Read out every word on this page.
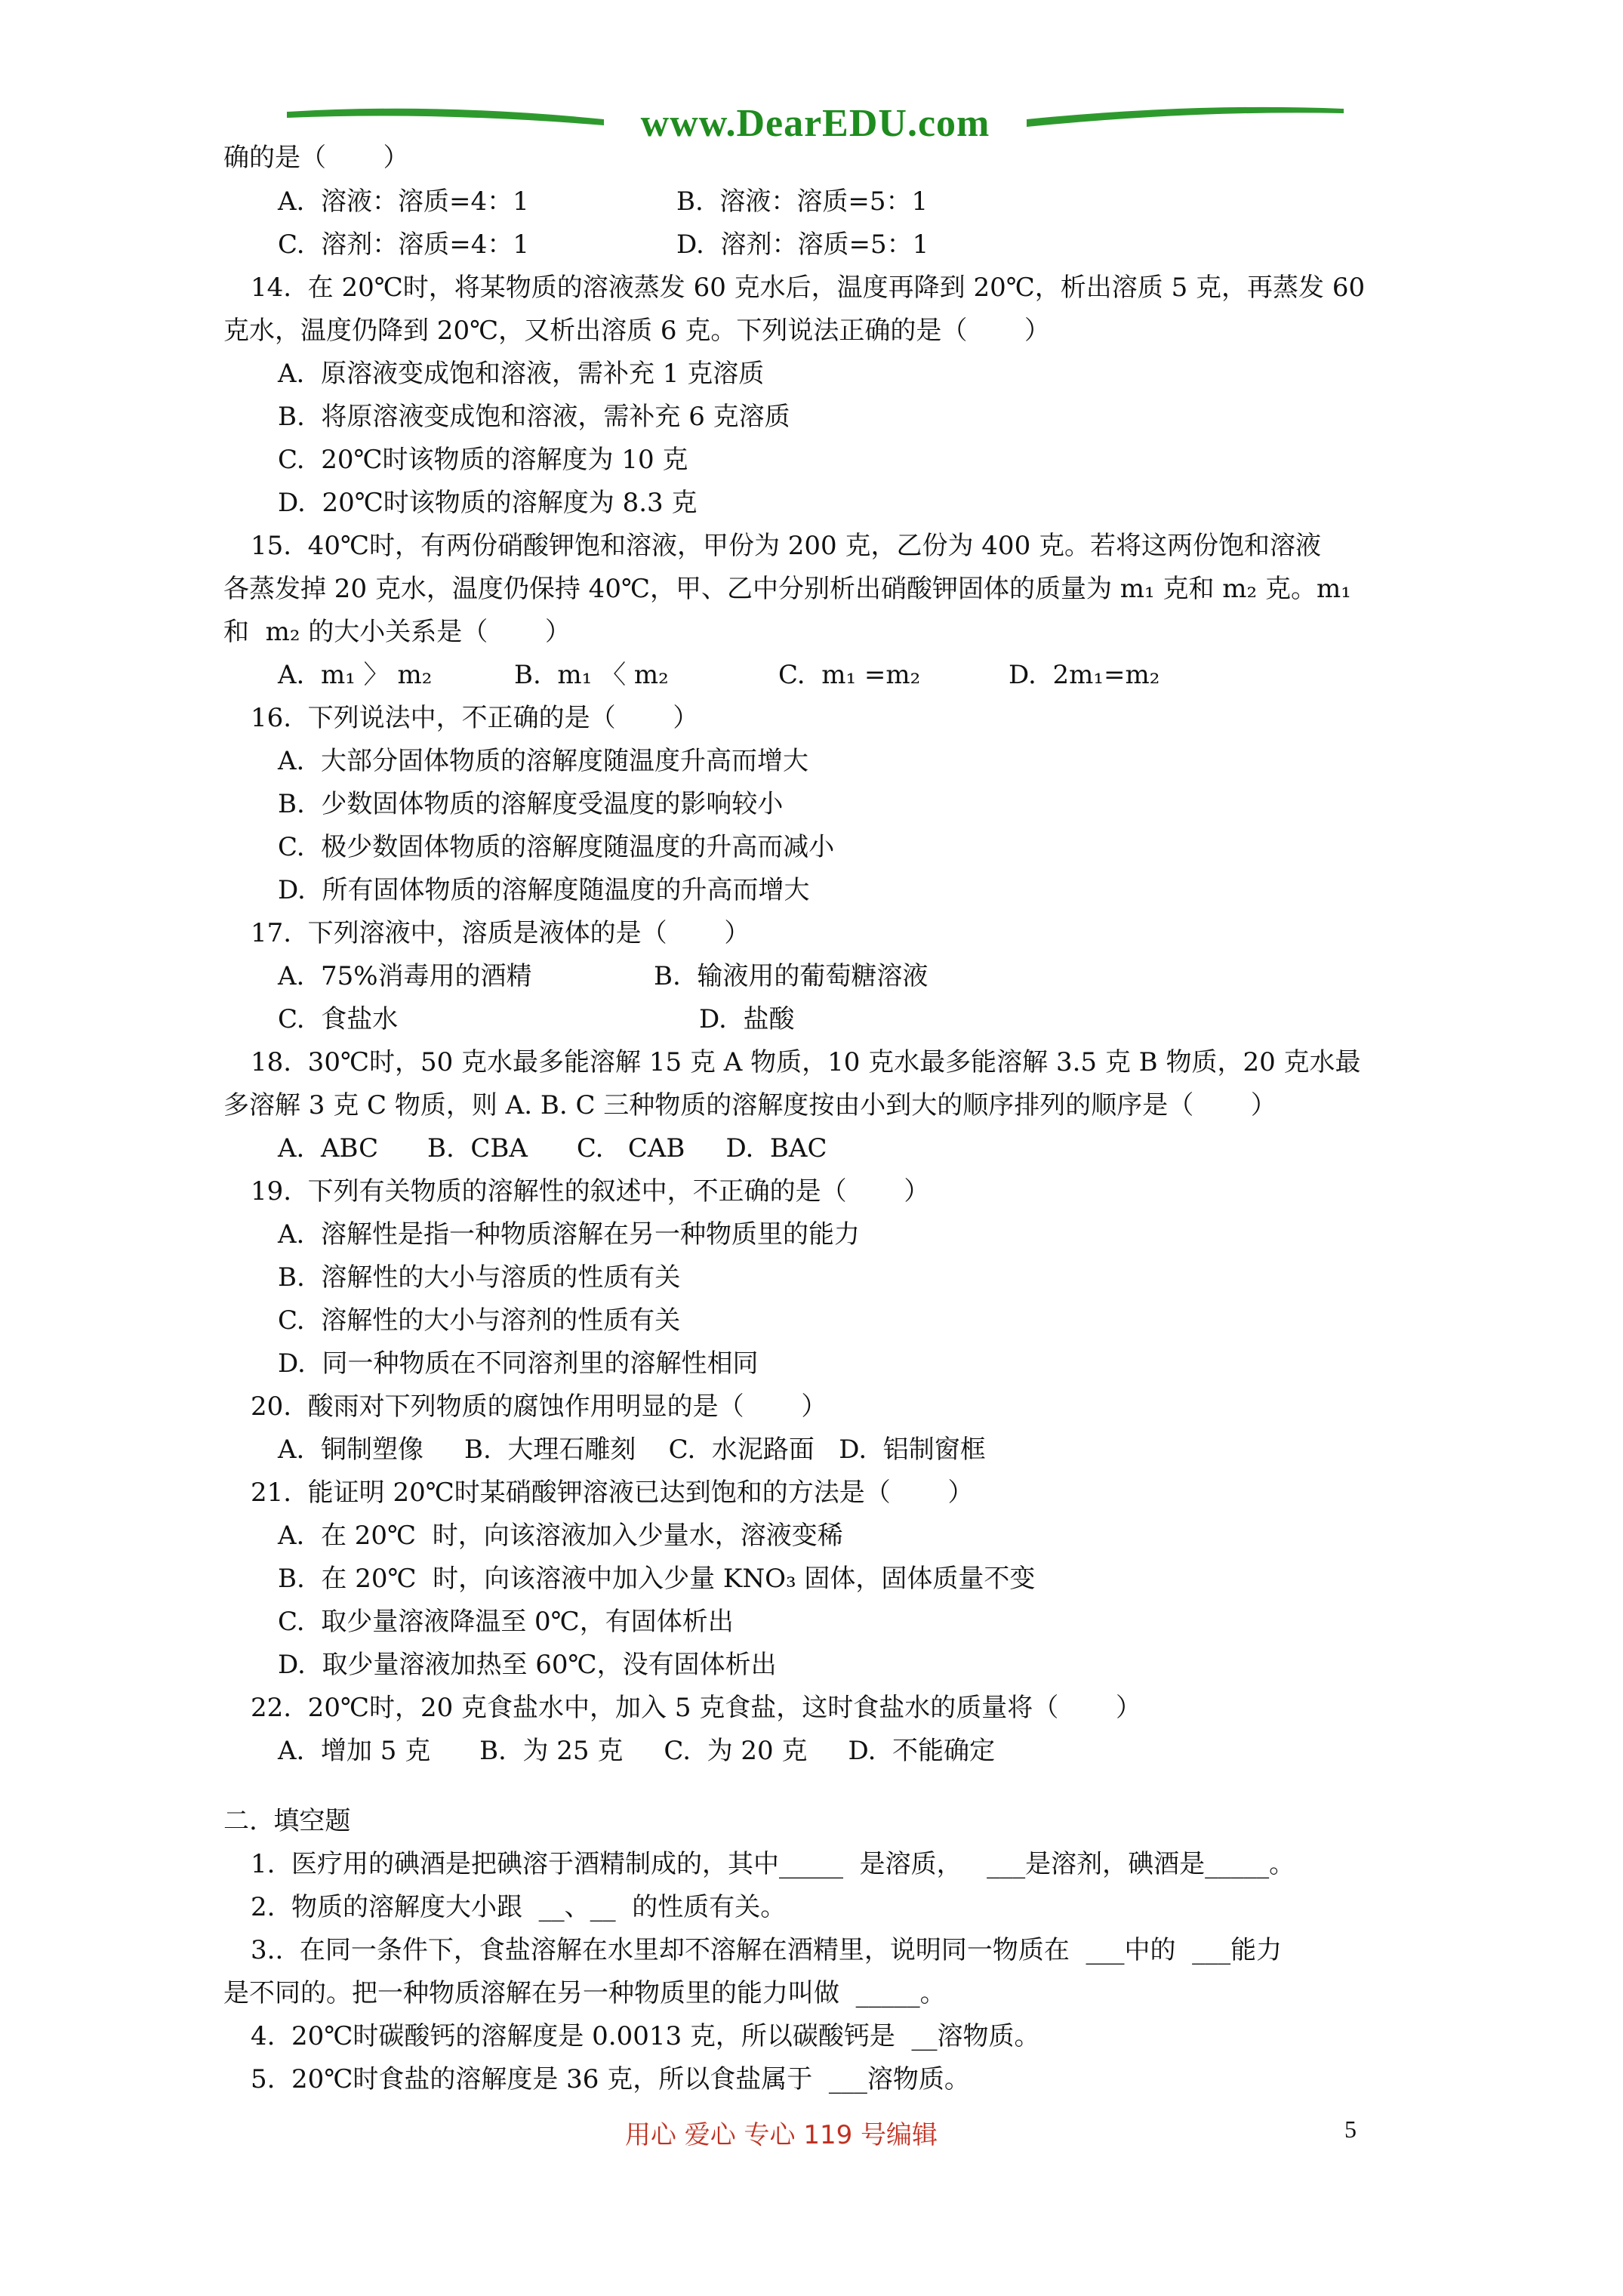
www.DearEDU.com
确的是（       ）
A.  溶液：溶质=4：1	B.  溶液：溶质=5：1
C.  溶剂：溶质=4：1	D.  溶剂：溶质=5：1
14.  在 20℃时，将某物质的溶液蒸发 60 克水后，温度再降到 20℃，析出溶质 5 克，再蒸发 60
克水，温度仍降到 20℃，又析出溶质 6 克。下列说法正确的是（       ）
A.  原溶液变成饱和溶液，需补充 1 克溶质
B.  将原溶液变成饱和溶液，需补充 6 克溶质
C.  20℃时该物质的溶解度为 10 克
D.  20℃时该物质的溶解度为 8.3 克
15.  40℃时，有两份硝酸钾饱和溶液，甲份为 200 克，乙份为 400 克。若将这两份饱和溶液
各蒸发掉 20 克水，温度仍保持 40℃，甲、乙中分别析出硝酸钾固体的质量为 m₁ 克和 m₂ 克。m₁
和  m₂ 的大小关系是（       ）
A.  m₁ 〉 m₂	B.  m₁ 〈 m₂	C.  m₁ =m₂	D.  2m₁=m₂
16.  下列说法中，不正确的是（       ）
A.  大部分固体物质的溶解度随温度升高而增大
B.  少数固体物质的溶解度受温度的影响较小
C.  极少数固体物质的溶解度随温度的升高而减小
D.  所有固体物质的溶解度随温度的升高而增大
17.  下列溶液中，溶质是液体的是（       ）
A.  75%消毒用的酒精	B.  输液用的葡萄糖溶液
C.  食盐水	D.  盐酸
18.  30℃时，50 克水最多能溶解 15 克 A 物质，10 克水最多能溶解 3.5 克 B 物质，20 克水最
多溶解 3 克 C 物质，则 A. B. C 三种物质的溶解度按由小到大的顺序排列的顺序是（       ）
A.  ABC      B.  CBA      C.   CAB     D.  BAC
19.  下列有关物质的溶解性的叙述中，不正确的是（       ）
A.  溶解性是指一种物质溶解在另一种物质里的能力
B.  溶解性的大小与溶质的性质有关
C.  溶解性的大小与溶剂的性质有关
D.  同一种物质在不同溶剂里的溶解性相同
20.  酸雨对下列物质的腐蚀作用明显的是（       ）
A.  铜制塑像     B.  大理石雕刻    C.  水泥路面   D.  铝制窗框
21.  能证明 20℃时某硝酸钾溶液已达到饱和的方法是（       ）
A.  在 20℃  时，向该溶液加入少量水，溶液变稀
B.  在 20℃  时，向该溶液中加入少量 KNO₃ 固体，固体质量不变
C.  取少量溶液降温至 0℃，有固体析出
D.  取少量溶液加热至 60℃，没有固体析出
22.  20℃时，20 克食盐水中，加入 5 克食盐，这时食盐水的质量将（       ）
A.  增加 5 克      B.  为 25 克     C.  为 20 克     D.  不能确定
二.  填空题
1.  医疗用的碘酒是把碘溶于酒精制成的，其中_____  是溶质，   ___是溶剂，碘酒是_____。
2.  物质的溶解度大小跟  __、__  的性质有关。
3..  在同一条件下，食盐溶解在水里却不溶解在酒精里，说明同一物质在  ___中的  ___能力
是不同的。把一种物质溶解在另一种物质里的能力叫做  _____。
4.  20℃时碳酸钙的溶解度是 0.0013 克，所以碳酸钙是  __溶物质。
5.  20℃时食盐的溶解度是 36 克，所以食盐属于  ___溶物质。
用心 爱心 专心 119 号编辑	5
